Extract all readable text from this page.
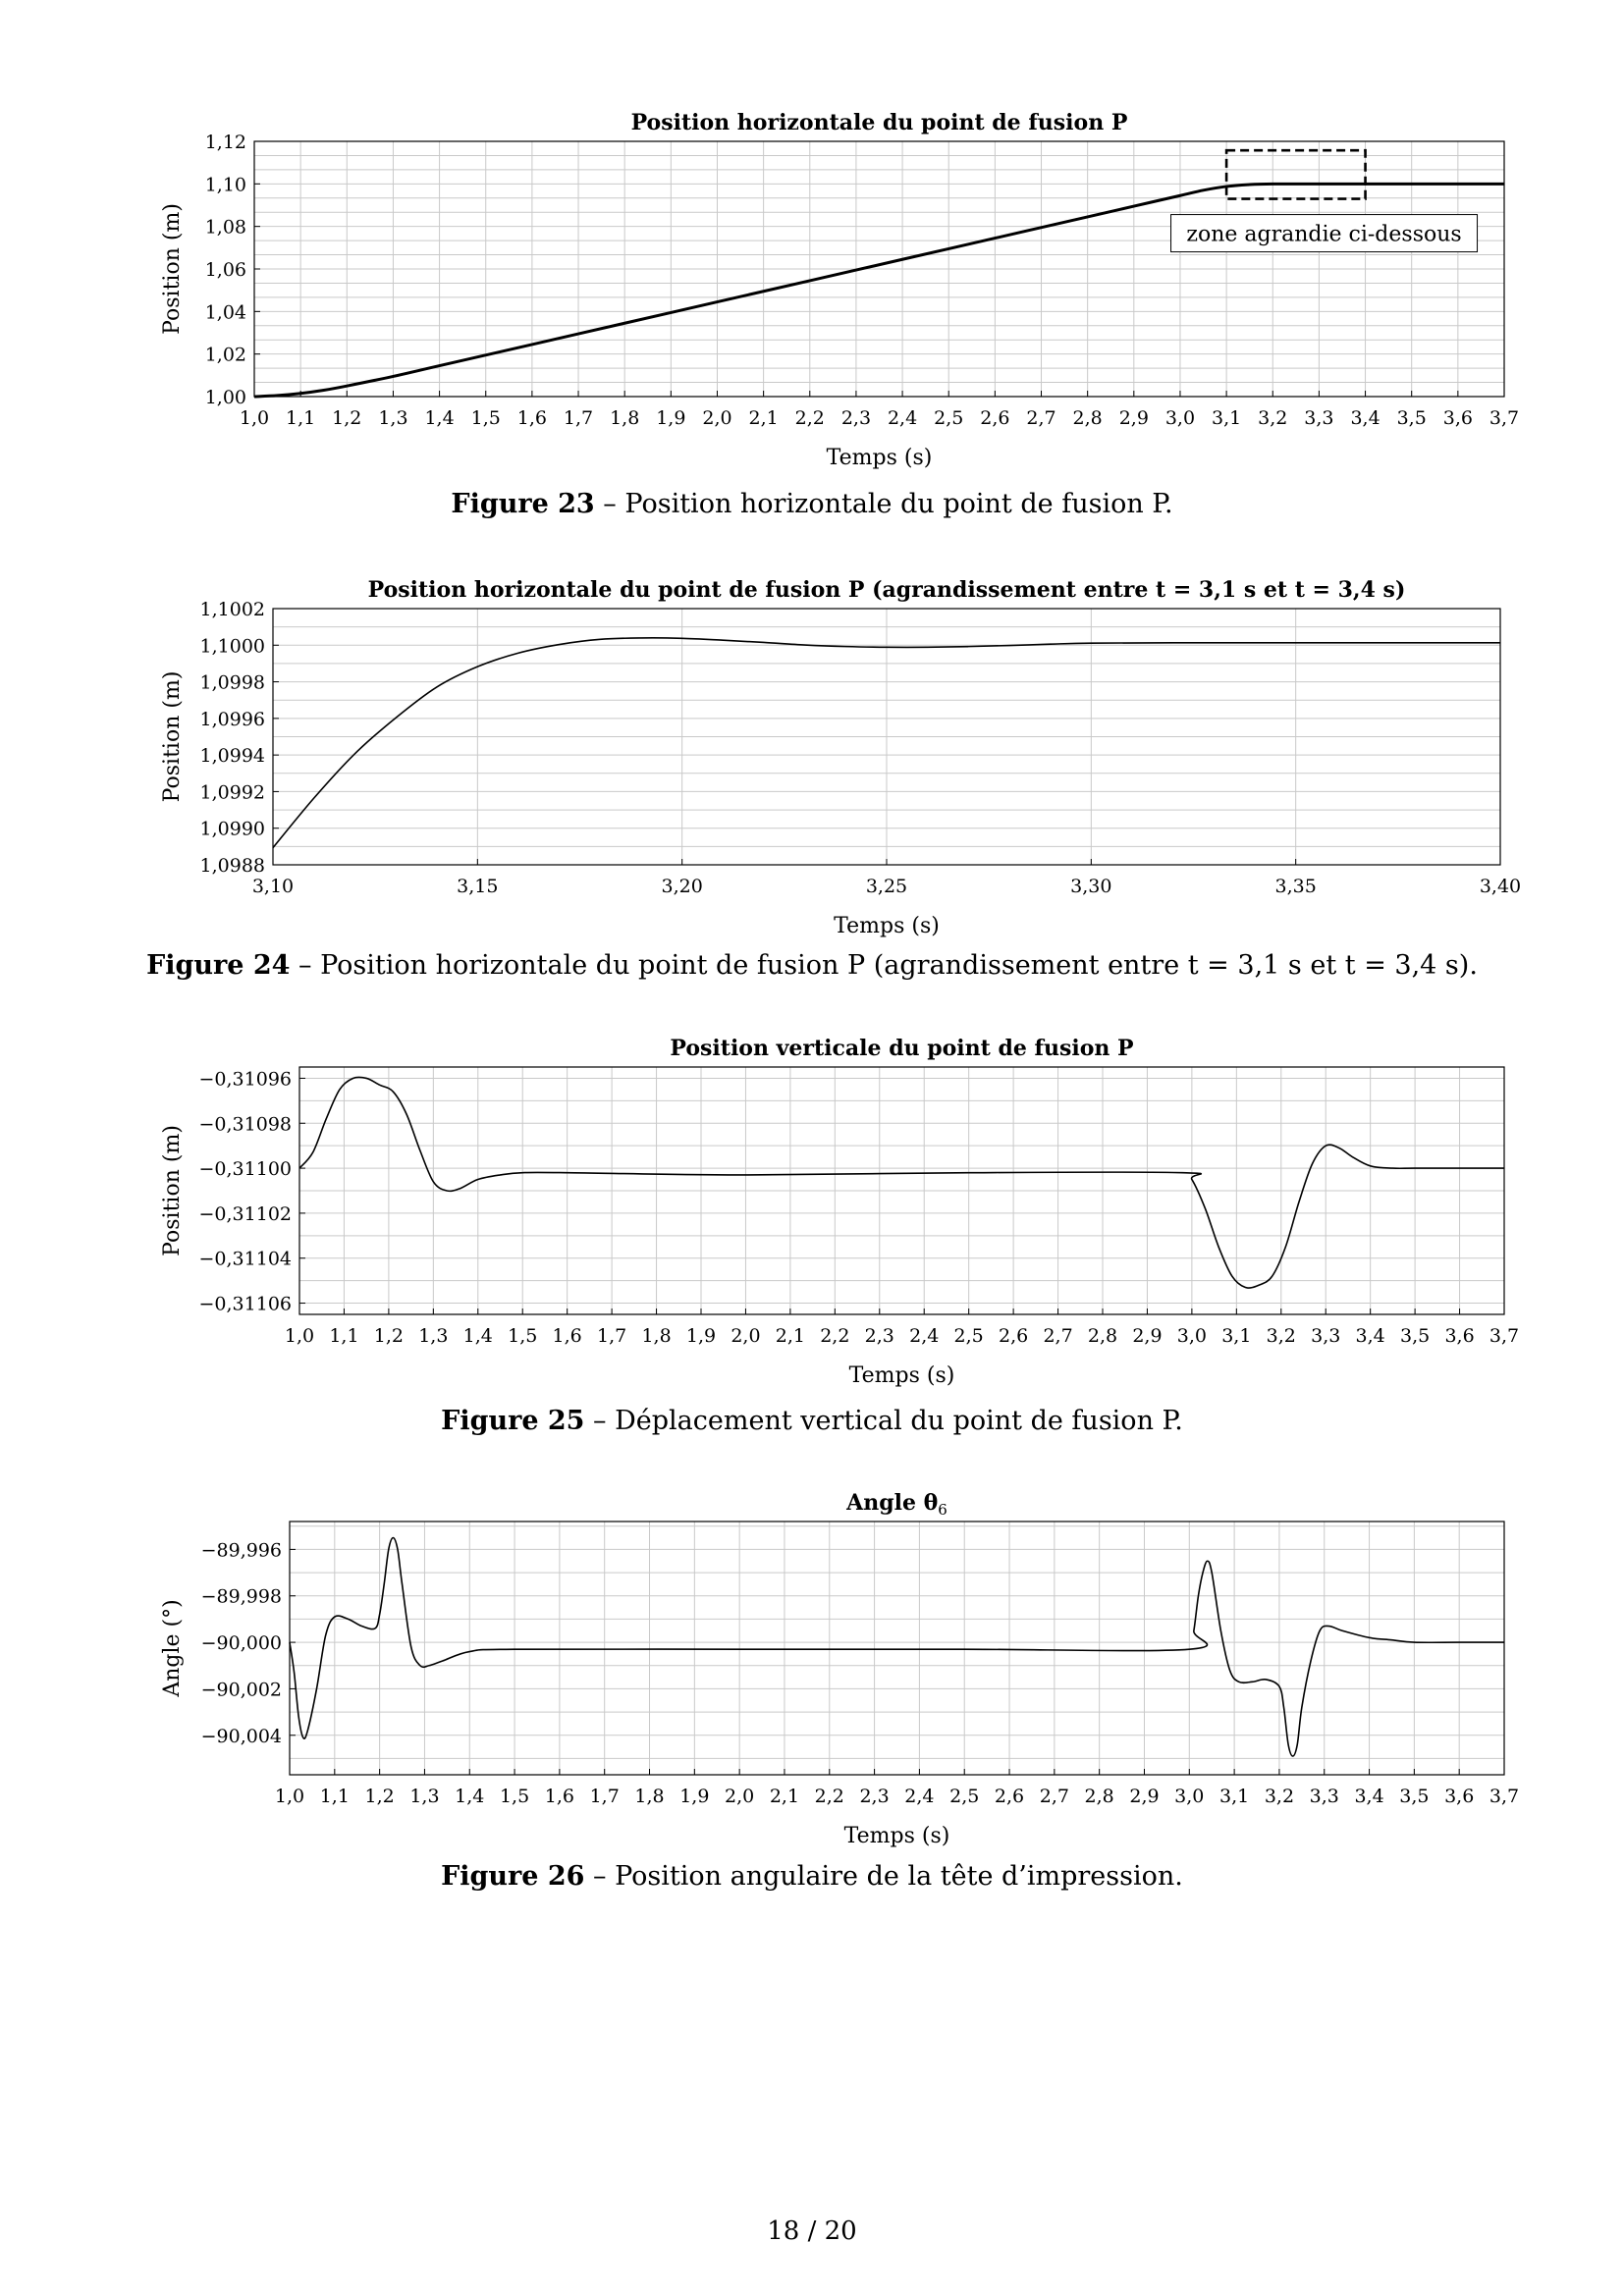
1,0 1,1 1,2 1,3 1,4 1,5 1,6 1,7 1,8 1,9 2,0 2,1 2,2 2,3 2,4 2,5 2,6 2,7 2,8 2,9 3,0 3,1 3,2 3,3 3,4 3,5 3,6 3,7
1,00
1,02
1,04
1,06
1,08
1,10
1,12
Temps (s)
Position (m)
Position horizontale du point de fusion P
zone agrandie ci-dessous
Figure 23 – Position horizontale du point de fusion P.
3,10	3,15	3,20	3,25	3,30	3,35	3,40
1,0988
1,0990
1,0992
1,0994
1,0996
1,0998
1,1000
1,1002
Temps (s)
Position (m)
Position horizontale du point de fusion P (agrandissement entre t = 3,1 s et t = 3,4 s)
Figure 24 – Position horizontale du point de fusion P (agrandissement entre t = 3,1 s et t = 3,4 s).
1,0 1,1 1,2 1,3 1,4 1,5 1,6 1,7 1,8 1,9 2,0 2,1 2,2 2,3 2,4 2,5 2,6 2,7 2,8 2,9 3,0 3,1 3,2 3,3 3,4 3,5 3,6 3,7
−0,31106
−0,31104
−0,31102
−0,31100
−0,31098
−0,31096
Temps (s)
Position (m)
Position verticale du point de fusion P
Figure 25 – Déplacement vertical du point de fusion P.
1,0 1,1 1,2 1,3 1,4 1,5 1,6 1,7 1,8 1,9 2,0 2,1 2,2 2,3 2,4 2,5 2,6 2,7 2,8 2,9 3,0 3,1 3,2 3,3 3,4 3,5 3,6 3,7
−90,004
−90,002
−90,000
−89,998
−89,996
Temps (s)
Angle (°)
Angle $\theta_6$
Figure 26 – Position angulaire de la tête d’impression.
18 / 20
